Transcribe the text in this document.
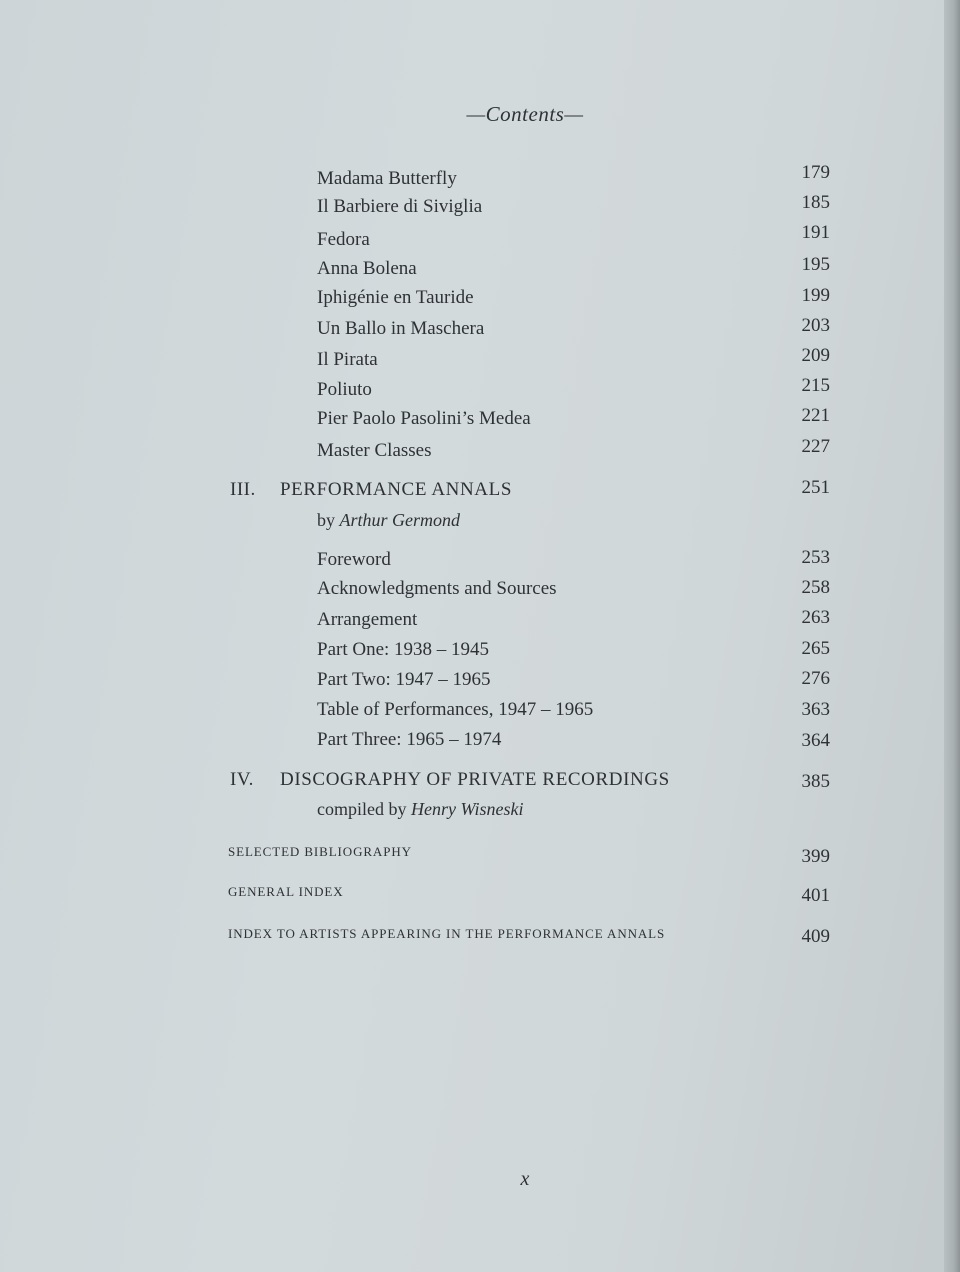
—Contents—
Madama Butterfly	179
Il Barbiere di Siviglia	185
Fedora	191
Anna Bolena	195
Iphigénie en Tauride	199
Un Ballo in Maschera	203
Il Pirata	209
Poliuto	215
Pier Paolo Pasolini’s Medea	221
Master Classes	227
III. PERFORMANCE ANNALS	251
by Arthur Germond
Foreword	253
Acknowledgments and Sources	258
Arrangement	263
Part One: 1938 – 1945	265
Part Two: 1947 – 1965	276
Table of Performances, 1947 – 1965	363
Part Three: 1965 – 1974	364
IV. DISCOGRAPHY OF PRIVATE RECORDINGS	385
compiled by Henry Wisneski
SELECTED BIBLIOGRAPHY	399
GENERAL INDEX	401
INDEX TO ARTISTS APPEARING IN THE PERFORMANCE ANNALS	409
x
